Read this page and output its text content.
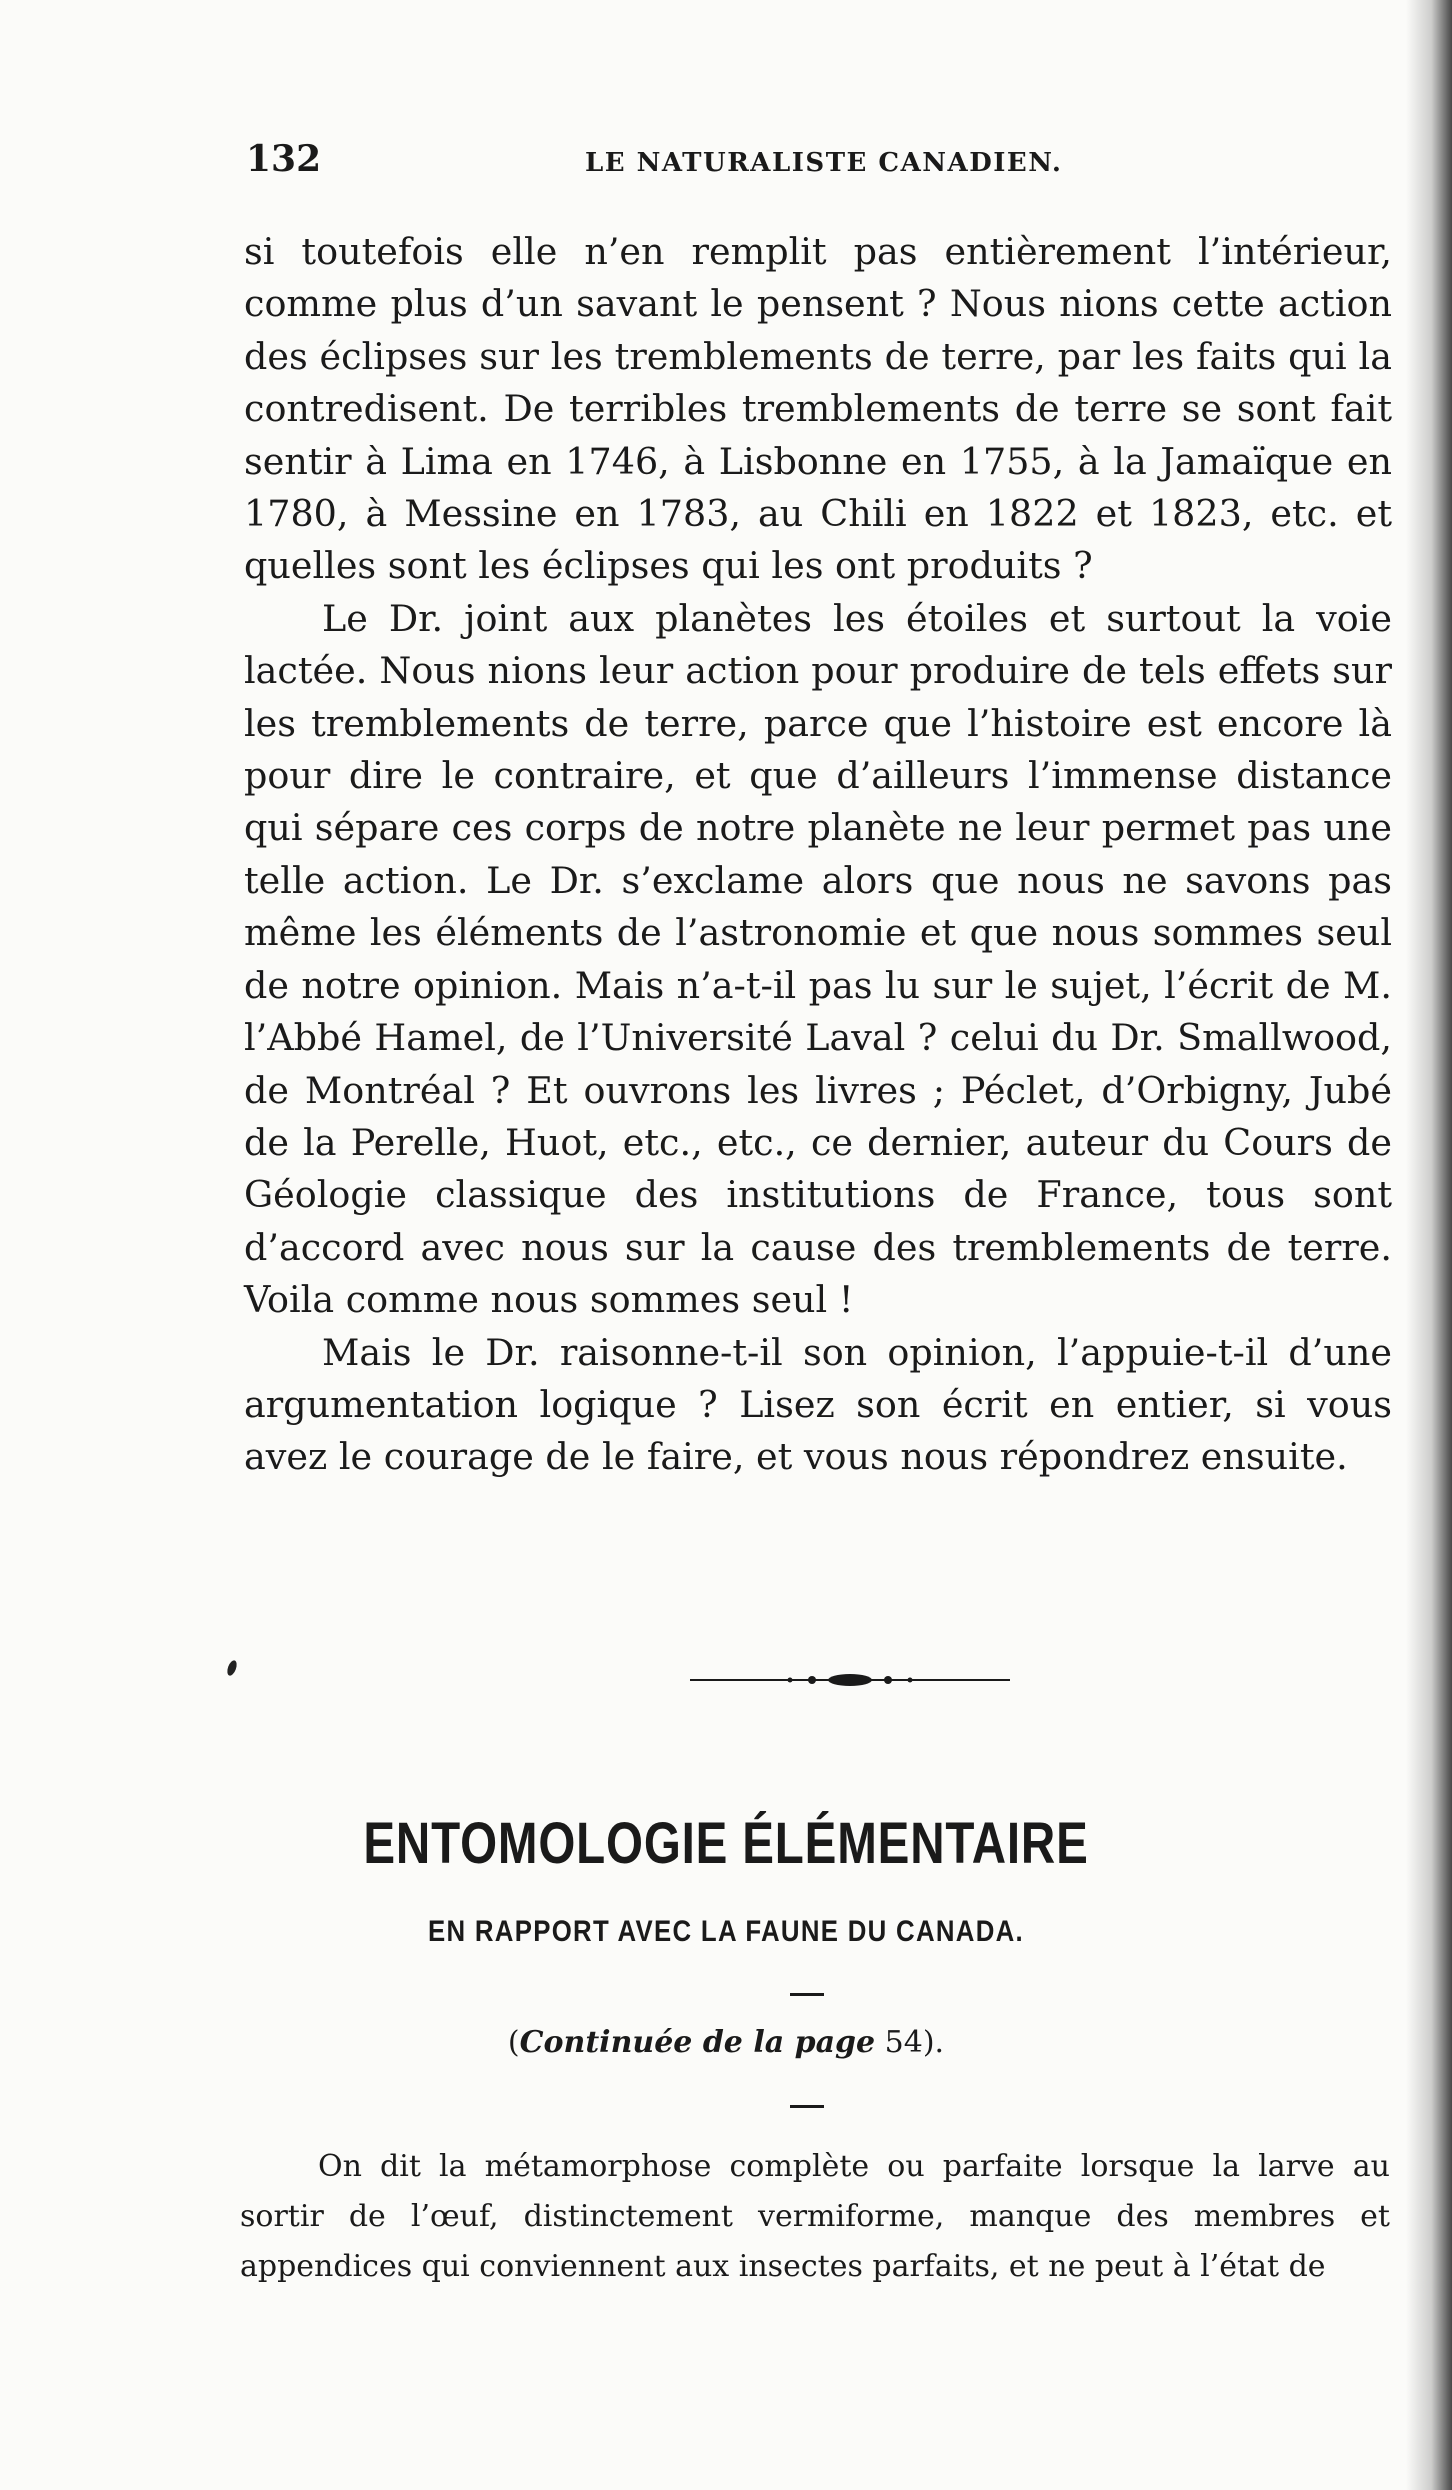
132	LE NATURALISTE CANADIEN.

si toutefois elle n’en remplit pas entièrement l’intérieur, comme plus d’un savant le pensent ? Nous nions cette action des éclipses sur les tremblements de terre, par les faits qui la contredisent. De terribles tremblements de terre se sont fait sentir à Lima en 1746, à Lisbonne en 1755, à la Jamaïque en 1780, à Messine en 1783, au Chili en 1822 et 1823, etc. et quelles sont les éclipses qui les ont produits ?

Le Dr. joint aux planètes les étoiles et surtout la voie lactée. Nous nions leur action pour produire de tels effets sur les tremblements de terre, parce que l’histoire est encore là pour dire le contraire, et que d’ailleurs l’immense distance qui sépare ces corps de notre planète ne leur permet pas une telle action. Le Dr. s’exclame alors que nous ne savons pas même les éléments de l’astronomie et que nous sommes seul de notre opinion. Mais n’a-t-il pas lu sur le sujet, l’écrit de M. l’Abbé Hamel, de l’Université Laval ? celui du Dr. Smallwood, de Montréal ? Et ouvrons les livres ; Péclet, d’Orbigny, Jubé de la Perelle, Huot, etc., etc., ce dernier, auteur du Cours de Géologie classique des institutions de France, tous sont d’accord avec nous sur la cause des tremblements de terre. Voila comme nous sommes seul !

Mais le Dr. raisonne-t-il son opinion, l’appuie-t-il d’une argumentation logique ? Lisez son écrit en entier, si vous avez le courage de le faire, et vous nous répondrez ensuite.

ENTOMOLOGIE ÉLÉMENTAIRE
EN RAPPORT AVEC LA FAUNE DU CANADA.
(Continuée de la page 54).

On dit la métamorphose complète ou parfaite lorsque la larve au sortir de l’œuf, distinctement vermiforme, manque des membres et appendices qui conviennent aux insectes parfaits, et ne peut à l’état de
